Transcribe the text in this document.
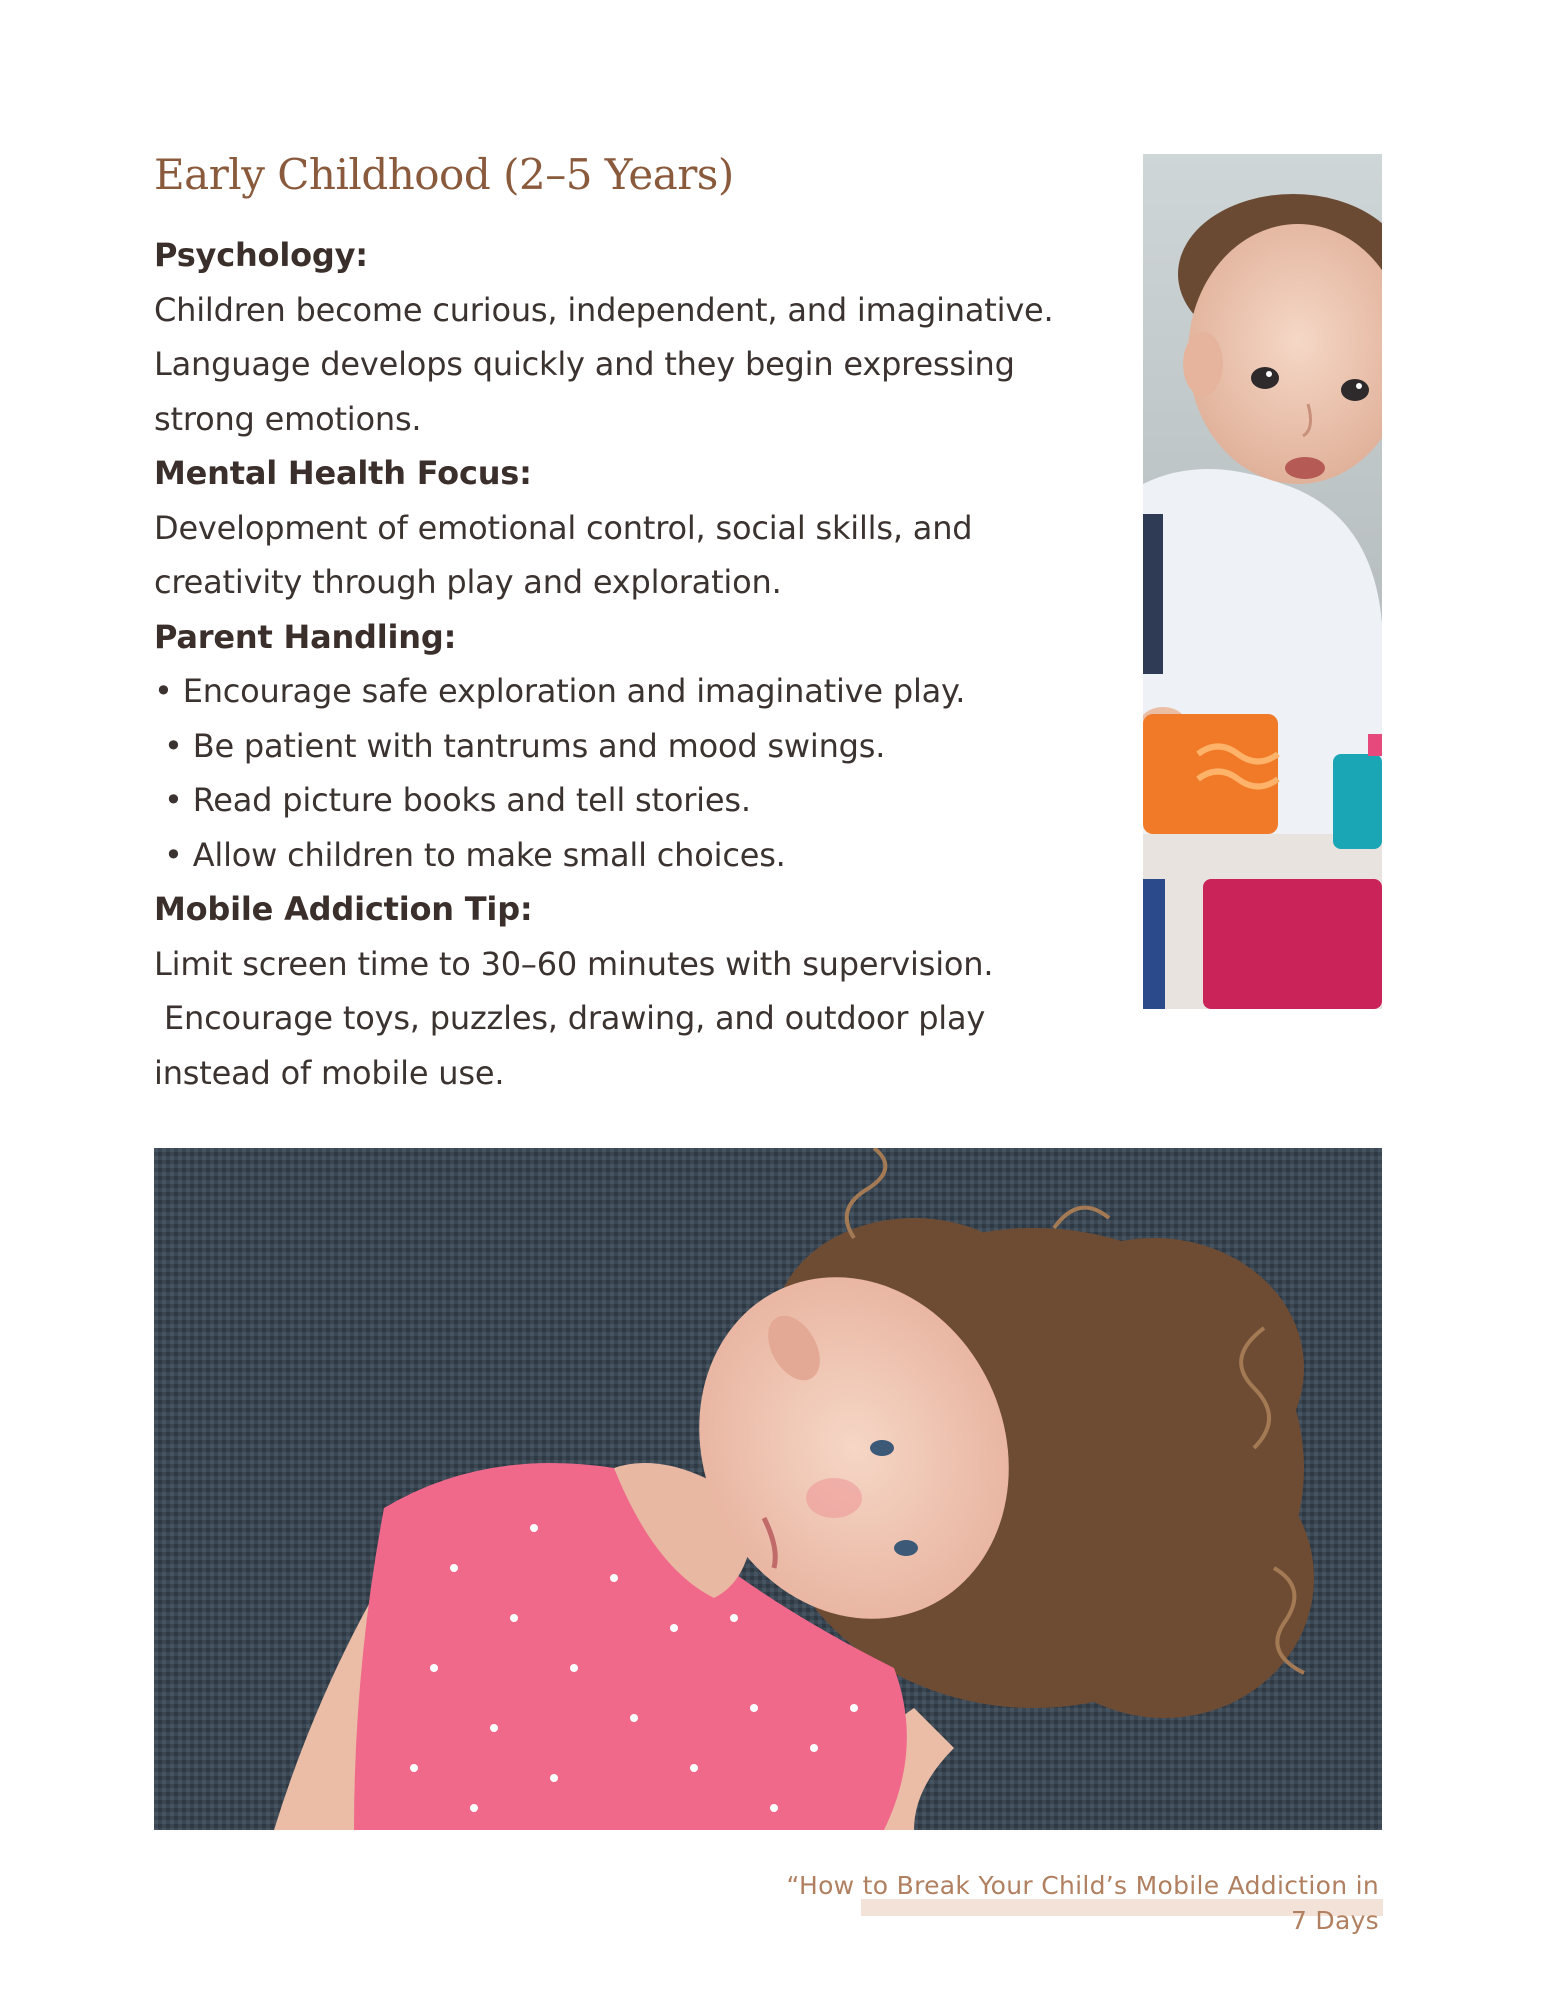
Early Childhood (2–5 Years)

Psychology:

Children become curious, independent, and imaginative. Language develops quickly and they begin expressing strong emotions.

Mental Health Focus:

Development of emotional control, social skills, and creativity through play and exploration.

Parent Handling:

• Encourage safe exploration and imaginative play.
• Be patient with tantrums and mood swings.
• Read picture books and tell stories.
• Allow children to make small choices.

Mobile Addiction Tip:

Limit screen time to 30–60 minutes with supervision.

Encourage toys, puzzles, drawing, and outdoor play instead of mobile use.

“How to Break Your Child’s Mobile Addiction in
7 Days
